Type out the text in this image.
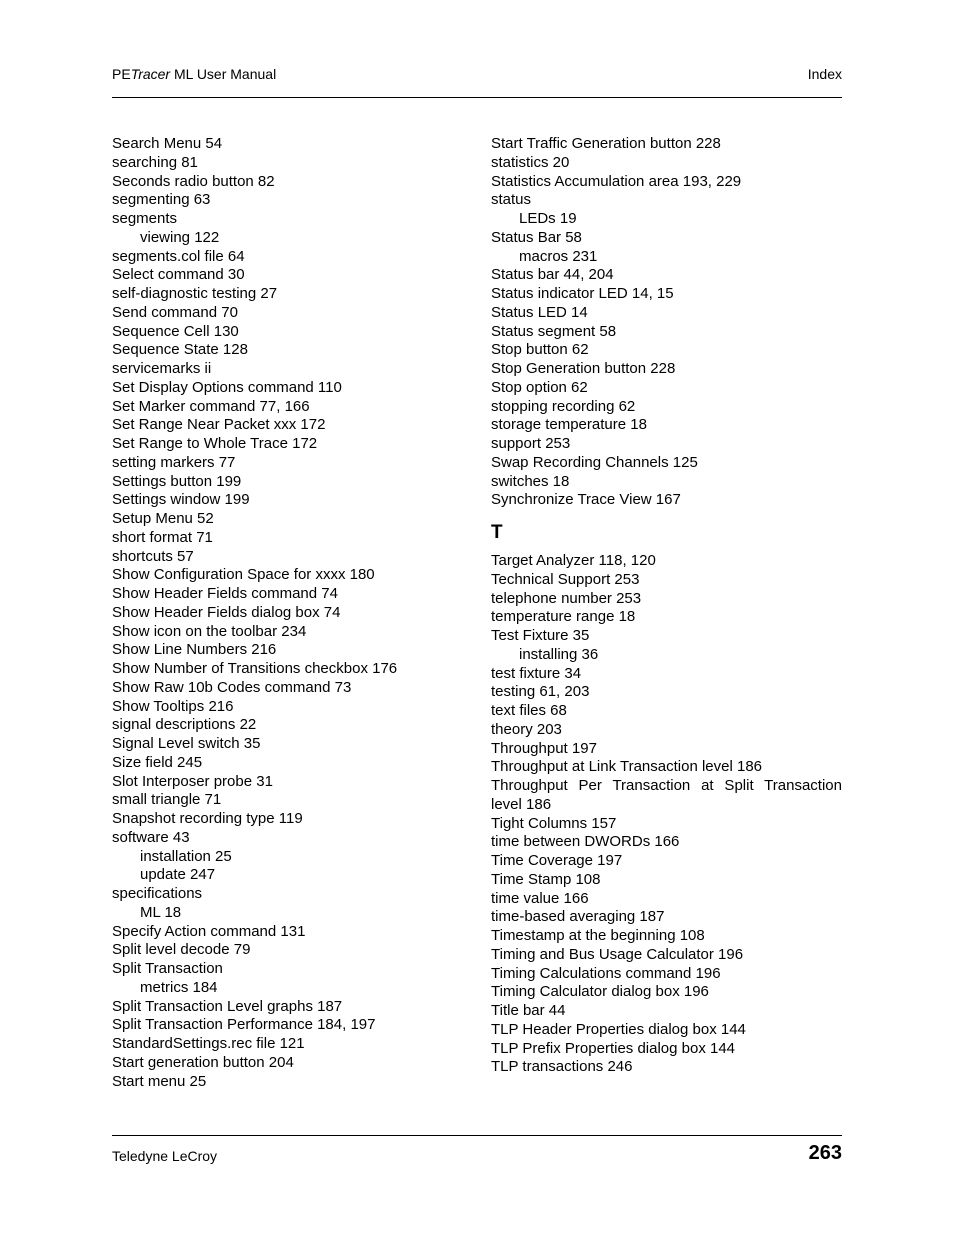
PETracer ML User Manual	Index
Search Menu 54
searching 81
Seconds radio button 82
segmenting 63
segments
viewing 122
segments.col file 64
Select command 30
self-diagnostic testing 27
Send command 70
Sequence Cell 130
Sequence State 128
servicemarks ii
Set Display Options command 110
Set Marker command 77, 166
Set Range Near Packet xxx 172
Set Range to Whole Trace 172
setting markers 77
Settings button 199
Settings window 199
Setup Menu 52
short format 71
shortcuts 57
Show Configuration Space for xxxx 180
Show Header Fields command 74
Show Header Fields dialog box 74
Show icon on the toolbar 234
Show Line Numbers 216
Show Number of Transitions checkbox 176
Show Raw 10b Codes command 73
Show Tooltips 216
signal descriptions 22
Signal Level switch 35
Size field 245
Slot Interposer probe 31
small triangle 71
Snapshot recording type 119
software 43
installation 25
update 247
specifications
ML 18
Specify Action command 131
Split level decode 79
Split Transaction
metrics 184
Split Transaction Level graphs 187
Split Transaction Performance 184, 197
StandardSettings.rec file 121
Start generation button 204
Start menu 25
Start Traffic Generation button 228
statistics 20
Statistics Accumulation area 193, 229
status
LEDs 19
Status Bar 58
macros 231
Status bar 44, 204
Status indicator LED 14, 15
Status LED 14
Status segment 58
Stop button 62
Stop Generation button 228
Stop option 62
stopping recording 62
storage temperature 18
support 253
Swap Recording Channels 125
switches 18
Synchronize Trace View 167
T
Target Analyzer 118, 120
Technical Support 253
telephone number 253
temperature range 18
Test Fixture 35
installing 36
test fixture 34
testing 61, 203
text files 68
theory 203
Throughput 197
Throughput at Link Transaction level 186
Throughput Per Transaction at Split Transaction level 186
Tight Columns 157
time between DWORDs 166
Time Coverage 197
Time Stamp 108
time value 166
time-based averaging 187
Timestamp at the beginning 108
Timing and Bus Usage Calculator 196
Timing Calculations command 196
Timing Calculator dialog box 196
Title bar 44
TLP Header Properties dialog box 144
TLP Prefix Properties dialog box 144
TLP transactions 246
Teledyne LeCroy	263
